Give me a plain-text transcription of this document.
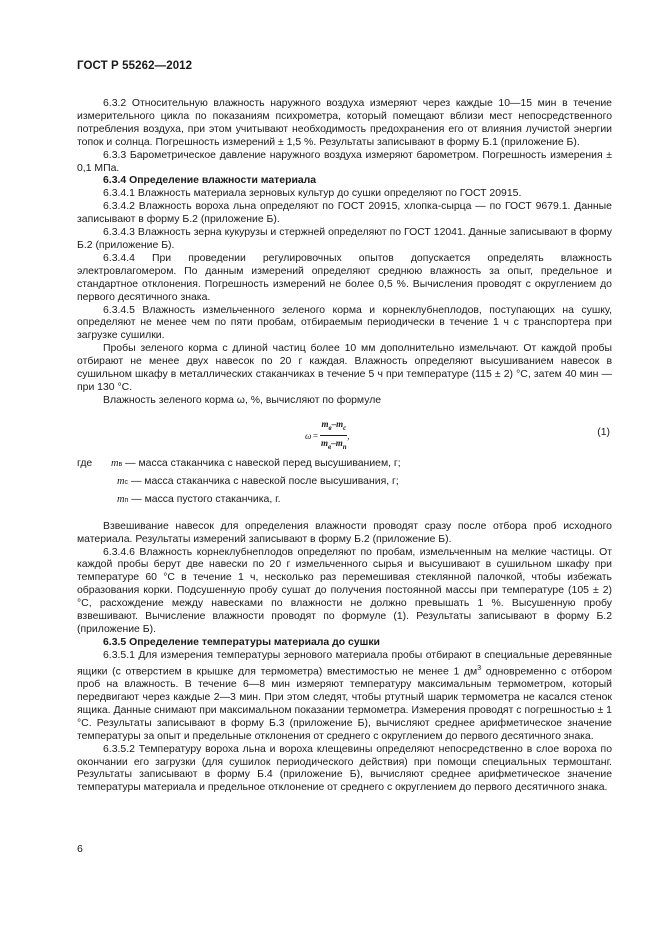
ГОСТ Р 55262—2012

6.3.2 Относительную влажность наружного воздуха измеряют через каждые 10—15 мин в течение измерительного цикла по показаниям психрометра, который помещают вблизи мест непосредственного потребления воздуха, при этом учитывают необходимость предохранения его от влияния лучистой энергии топок и солнца. Погрешность измерений ± 1,5 %. Результаты записывают в форму Б.1 (приложение Б).

6.3.3 Барометрическое давление наружного воздуха измеряют барометром. Погрешность измерения ± 0,1 МПа.

6.3.4 Определение влажности материала

6.3.4.1 Влажность материала зерновых культур до сушки определяют по ГОСТ 20915.

6.3.4.2 Влажность вороха льна определяют по ГОСТ 20915, хлопка-сырца — по ГОСТ 9679.1. Данные записывают в форму Б.2 (приложение Б).

6.3.4.3 Влажность зерна кукурузы и стержней определяют по ГОСТ 12041. Данные записывают в форму Б.2 (приложение Б).

6.3.4.4 При проведении регулировочных опытов допускается определять влажность электровлагомером. По данным измерений определяют среднюю влажность за опыт, предельное и стандартное отклонения. Погрешность измерений не более 0,5 %. Вычисления проводят с округлением до первого десятичного знака.

6.3.4.5 Влажность измельченного зеленого корма и корнеклубнеплодов, поступающих на сушку, определяют не менее чем по пяти пробам, отбираемым периодически в течение 1 ч с транспортера при загрузке сушилки.

Пробы зеленого корма с длиной частиц более 10 мм дополнительно измельчают. От каждой пробы отбирают не менее двух навесок по 20 г каждая. Влажность определяют высушиванием навесок в сушильном шкафу в металлических стаканчиках в течение 5 ч при температуре (115 ± 2) °С, затем 40 мин — при 130 °С.

Влажность зеленого корма ω, %, вычисляют по формуле

$\omega = \frac{m_в-m_с}{m_в-m_п}$ ,	(1)
где	m в
— масса стаканчика с навеской перед высушиванием, г;
m с
— масса стаканчика с навеской после высушивания, г;
m п
— масса пустого стаканчика, г.

Взвешивание навесок для определения влажности проводят сразу после отбора проб исходного материала. Результаты измерений записывают в форму Б.2 (приложение Б).

6.3.4.6 Влажность корнеклубнеплодов определяют по пробам, измельченным на мелкие частицы. От каждой пробы берут две навески по 20 г измельченного сырья и высушивают в сушильном шкафу при температуре 60 °С в течение 1 ч, несколько раз перемешивая стеклянной палочкой, чтобы избежать образования корки. Подсушенную пробу сушат до получения постоянной массы при температуре (105 ± 2) °С, расхождение между навесками по влажности не должно превышать 1 %. Высушенную пробу взвешивают. Вычисление влажности проводят по формуле (1). Результаты записывают в форму Б.2 (приложение Б).

6.3.5 Определение температуры материала до сушки

6.3.5.1 Для измерения температуры зернового материала пробы отбирают в специальные деревянные ящики (с отверстием в крышке для термометра) вместимостью не менее 1 $дм^3$ одновременно с отбором проб на влажность. В течение 6—8 мин измеряют температуру максимальным термометром, который передвигают через каждые 2—3 мин. При этом следят, чтобы ртутный шарик термометра не касался стенок ящика. Данные снимают при максимальном показании термометра. Измерения проводят с погрешностью ± 1 °С. Результаты записывают в форму Б.3 (приложение Б), вычисляют среднее арифметическое значение температуры за опыт и предельные отклонения от среднего с округлением до первого десятичного знака.

6.3.5.2 Температуру вороха льна и вороха клещевины определяют непосредственно в слое вороха по окончании его загрузки (для сушилок периодического действия) при помощи специальных термоштанг. Результаты записывают в форму Б.4 (приложение Б), вычисляют среднее арифметическое значение температуры материала и предельное отклонение от среднего с округлением до первого десятичного знака.

6
